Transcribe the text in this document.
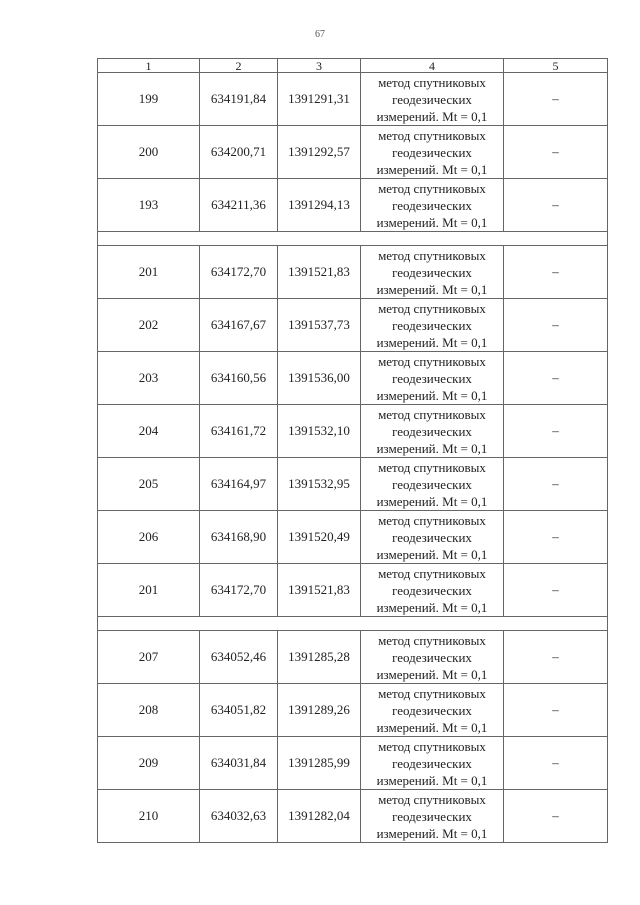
67
1	2	3	4	5
199	634191,84	1391291,31	метод спутниковых
геодезических
измерений. Mt = 0,1	–
200	634200,71	1391292,57	метод спутниковых
геодезических
измерений. Mt = 0,1	–
193	634211,36	1391294,13	метод спутниковых
геодезических
измерений. Mt = 0,1	–

201	634172,70	1391521,83	метод спутниковых
геодезических
измерений. Mt = 0,1	–
202	634167,67	1391537,73	метод спутниковых
геодезических
измерений. Mt = 0,1	–
203	634160,56	1391536,00	метод спутниковых
геодезических
измерений. Mt = 0,1	–
204	634161,72	1391532,10	метод спутниковых
геодезических
измерений. Mt = 0,1	–
205	634164,97	1391532,95	метод спутниковых
геодезических
измерений. Mt = 0,1	–
206	634168,90	1391520,49	метод спутниковых
геодезических
измерений. Mt = 0,1	–
201	634172,70	1391521,83	метод спутниковых
геодезических
измерений. Mt = 0,1	–

207	634052,46	1391285,28	метод спутниковых
геодезических
измерений. Mt = 0,1	–
208	634051,82	1391289,26	метод спутниковых
геодезических
измерений. Mt = 0,1	–
209	634031,84	1391285,99	метод спутниковых
геодезических
измерений. Mt = 0,1	–
210	634032,63	1391282,04	метод спутниковых
геодезических
измерений. Mt = 0,1	–
